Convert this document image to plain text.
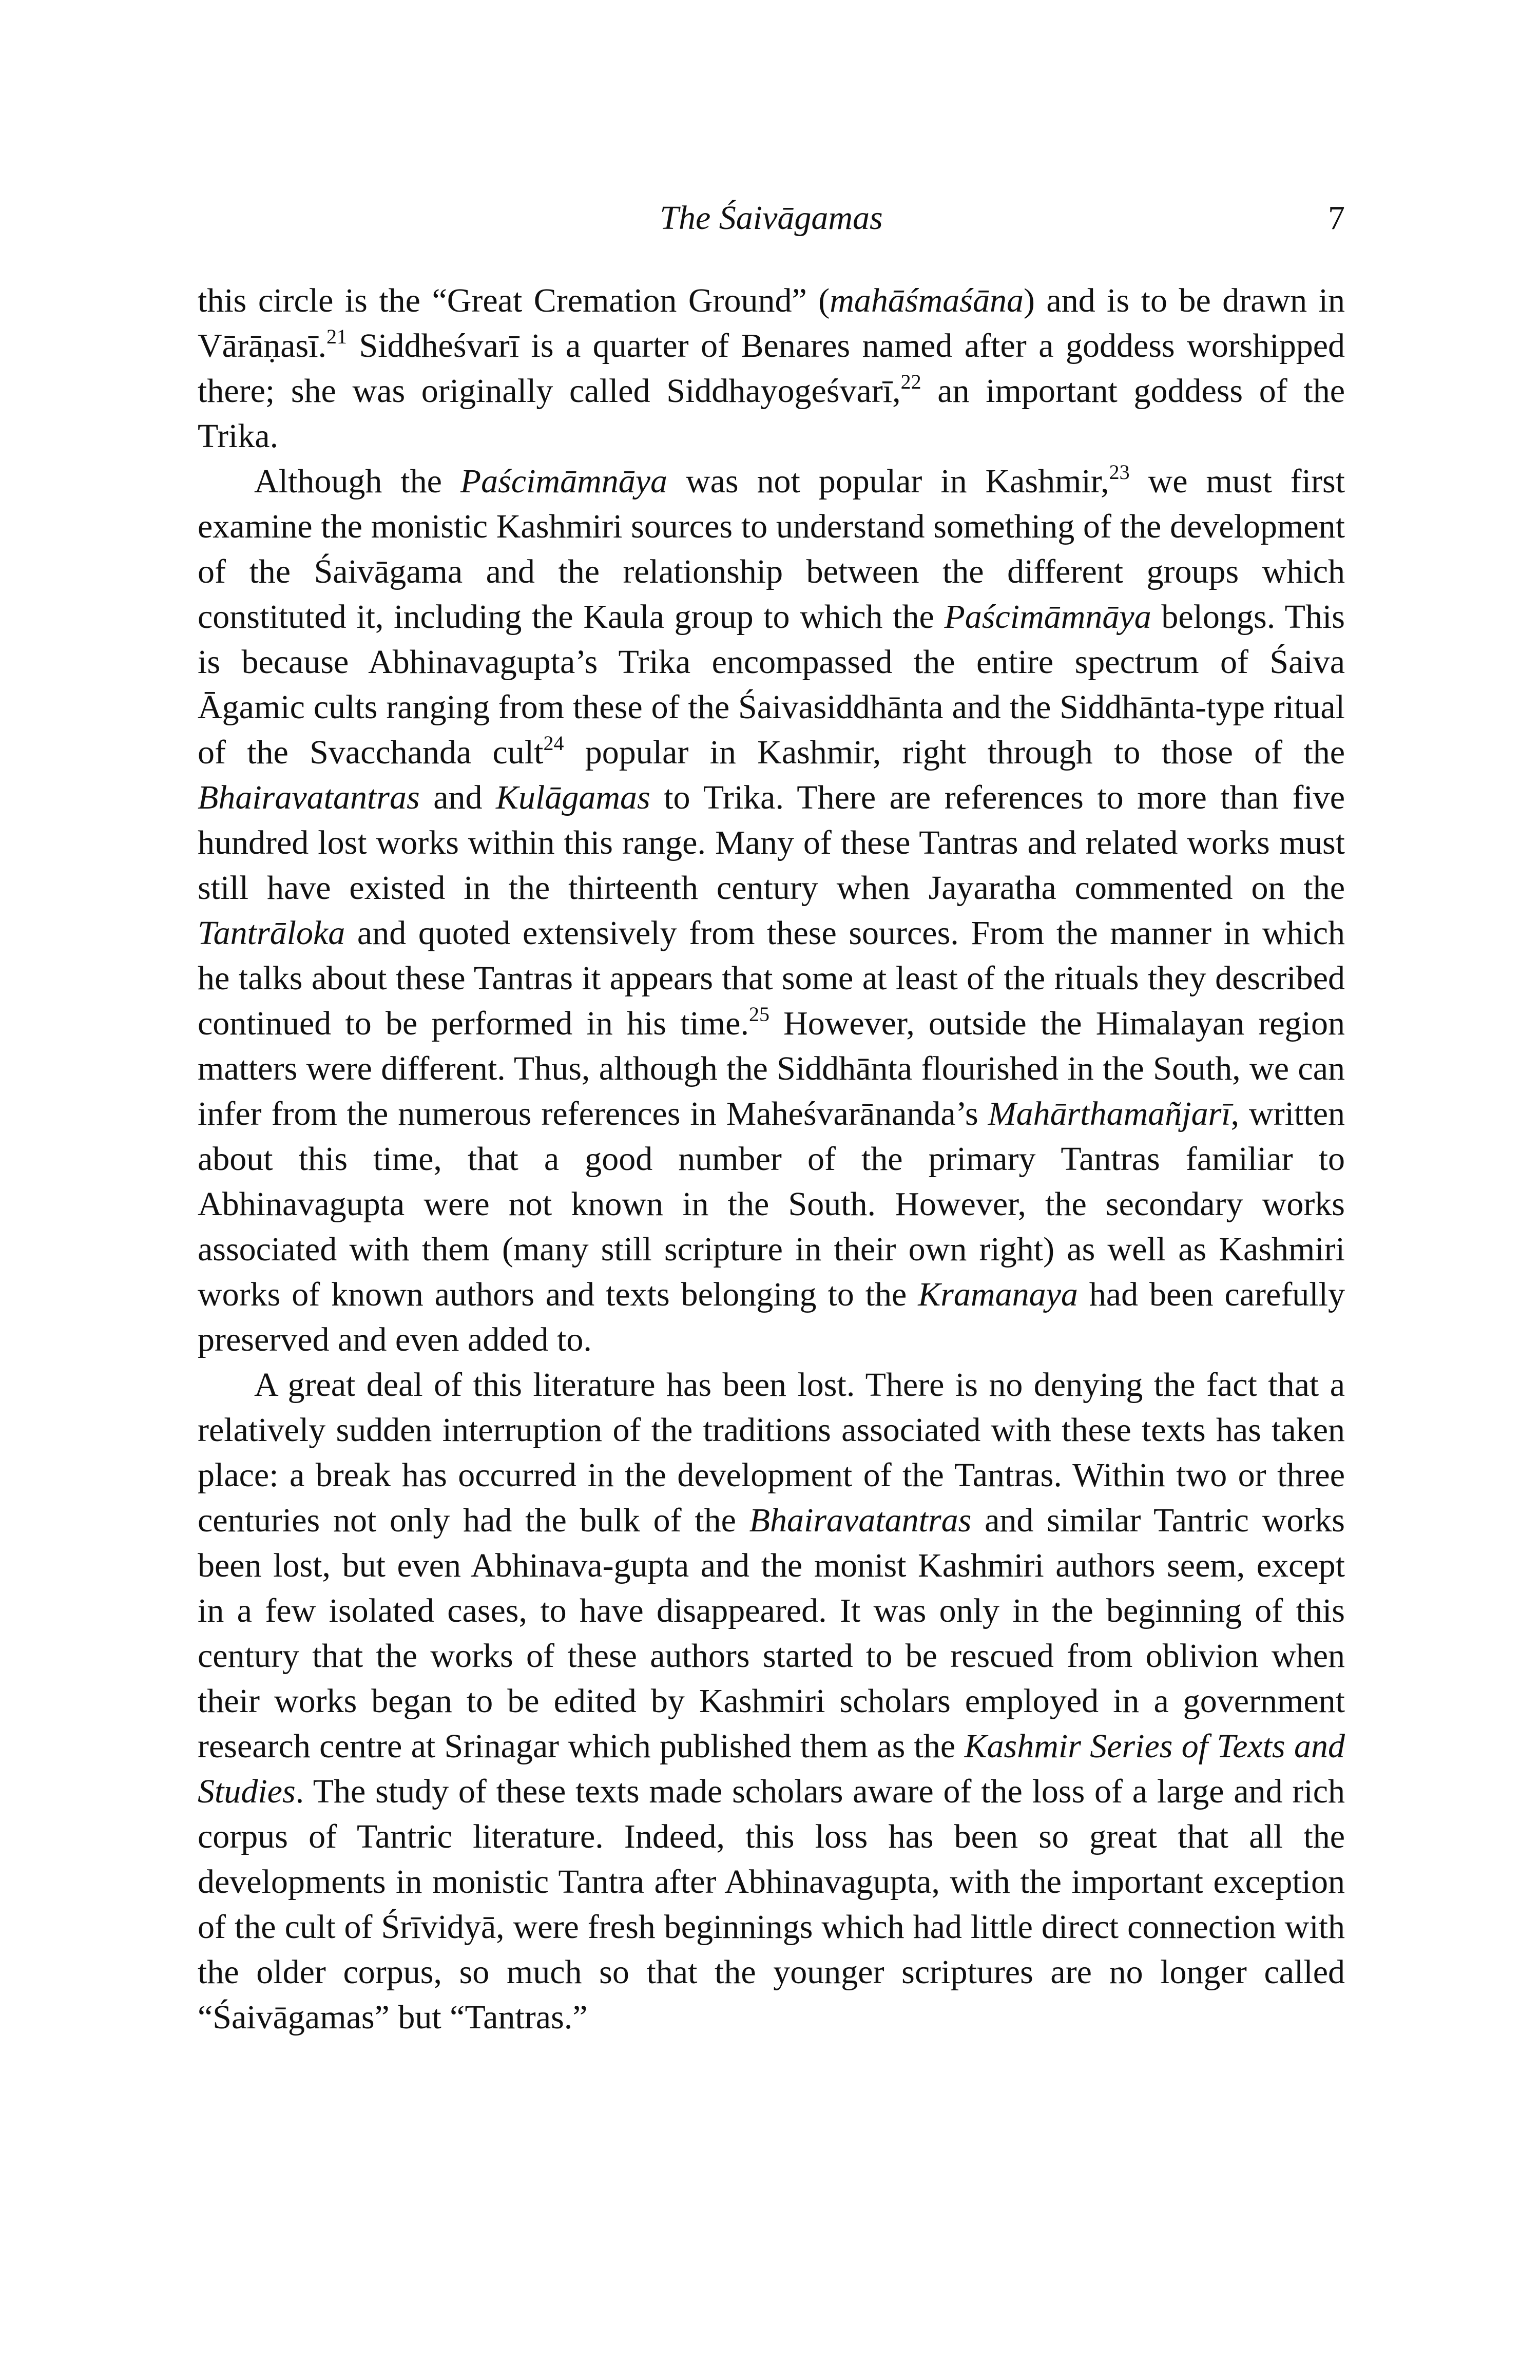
The Śaivāgamas	7

this circle is the “Great Cremation Ground” (mahāśmaśāna) and is to be drawn in Vārāṇasī.$^{21}$ Siddheśvarī is a quarter of Benares named after a goddess worshipped there; she was originally called Siddhayogeśvarī,$^{22}$ an important goddess of the Trika.

Although the Paścimāmnāya was not popular in Kashmir,$^{23}$ we must first examine the monistic Kashmiri sources to understand something of the development of the Śaivāgama and the relationship between the different groups which constituted it, including the Kaula group to which the Paścimāmnāya belongs. This is because Abhinavagupta’s Trika encompassed the entire spectrum of Śaiva Āgamic cults ranging from these of the Śaivasiddhānta and the Siddhānta-type ritual of the Svacchanda cult$^{24}$ popular in Kashmir, right through to those of the Bhairavatantras and Kulāgamas to Trika. There are references to more than five hundred lost works within this range. Many of these Tantras and related works must still have existed in the thirteenth century when Jayaratha commented on the Tantrāloka and quoted extensively from these sources. From the manner in which he talks about these Tantras it appears that some at least of the rituals they described continued to be performed in his time.$^{25}$ However, outside the Himalayan region matters were different. Thus, although the Siddhānta flourished in the South, we can infer from the numerous references in Maheśvarānanda’s Mahārthamañjarī, written about this time, that a good number of the primary Tantras familiar to Abhinavagupta were not known in the South. However, the secondary works associated with them (many still scripture in their own right) as well as Kashmiri works of known authors and texts belonging to the Kramanaya had been carefully preserved and even added to.

A great deal of this literature has been lost. There is no denying the fact that a relatively sudden interruption of the traditions associated with these texts has taken place: a break has occurred in the development of the Tantras. Within two or three centuries not only had the bulk of the Bhairavatantras and similar Tantric works been lost, but even Abhinava-gupta and the monist Kashmiri authors seem, except in a few isolated cases, to have disappeared. It was only in the beginning of this century that the works of these authors started to be rescued from oblivion when their works began to be edited by Kashmiri scholars employed in a government research centre at Srinagar which published them as the Kashmir Series of Texts and Studies. The study of these texts made scholars aware of the loss of a large and rich corpus of Tantric literature. Indeed, this loss has been so great that all the developments in monistic Tantra after Abhinavagupta, with the important exception of the cult of Śrīvidyā, were fresh beginnings which had little direct connection with the older corpus, so much so that the younger scriptures are no longer called “Śaivāgamas” but “Tantras.”
